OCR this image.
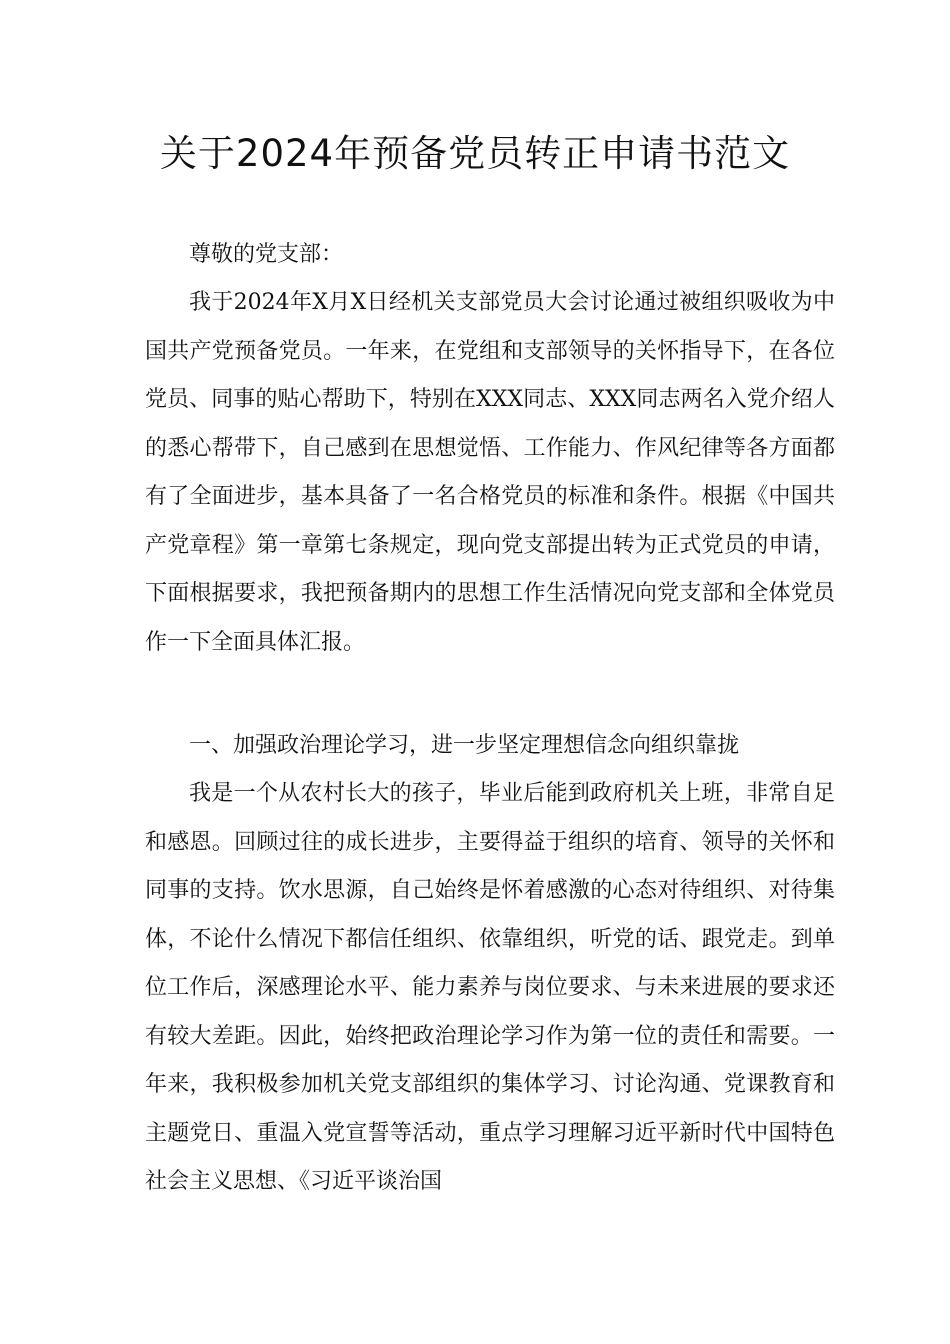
关于2024年预备党员转正申请书范文

尊敬的党支部：

我于2024年X月X日经机关支部党员大会讨论通过被组织吸收为中国共产党预备党员。一年来，在党组和支部领导的关怀指导下，在各位党员、同事的贴心帮助下，特别在XXX同志、XXX同志两名入党介绍人的悉心帮带下，自己感到在思想觉悟、工作能力、作风纪律等各方面都有了全面进步，基本具备了一名合格党员的标准和条件。根据《中国共产党章程》第一章第七条规定，现向党支部提出转为正式党员的申请，下面根据要求，我把预备期内的思想工作生活情况向党支部和全体党员作一下全面具体汇报。

一、加强政治理论学习，进一步坚定理想信念向组织靠拢

我是一个从农村长大的孩子，毕业后能到政府机关上班，非常自足和感恩。回顾过往的成长进步，主要得益于组织的培育、领导的关怀和同事的支持。饮水思源，自己始终是怀着感激的心态对待组织、对待集体，不论什么情况下都信任组织、依靠组织，听党的话、跟党走。到单位工作后，深感理论水平、能力素养与岗位要求、与未来进展的要求还有较大差距。因此，始终把政治理论学习作为第一位的责任和需要。一年来，我积极参加机关党支部组织的集体学习、讨论沟通、党课教育和主题党日、重温入党宣誓等活动，重点学习理解习近平新时代中国特色社会主义思想、《习近平谈治国
